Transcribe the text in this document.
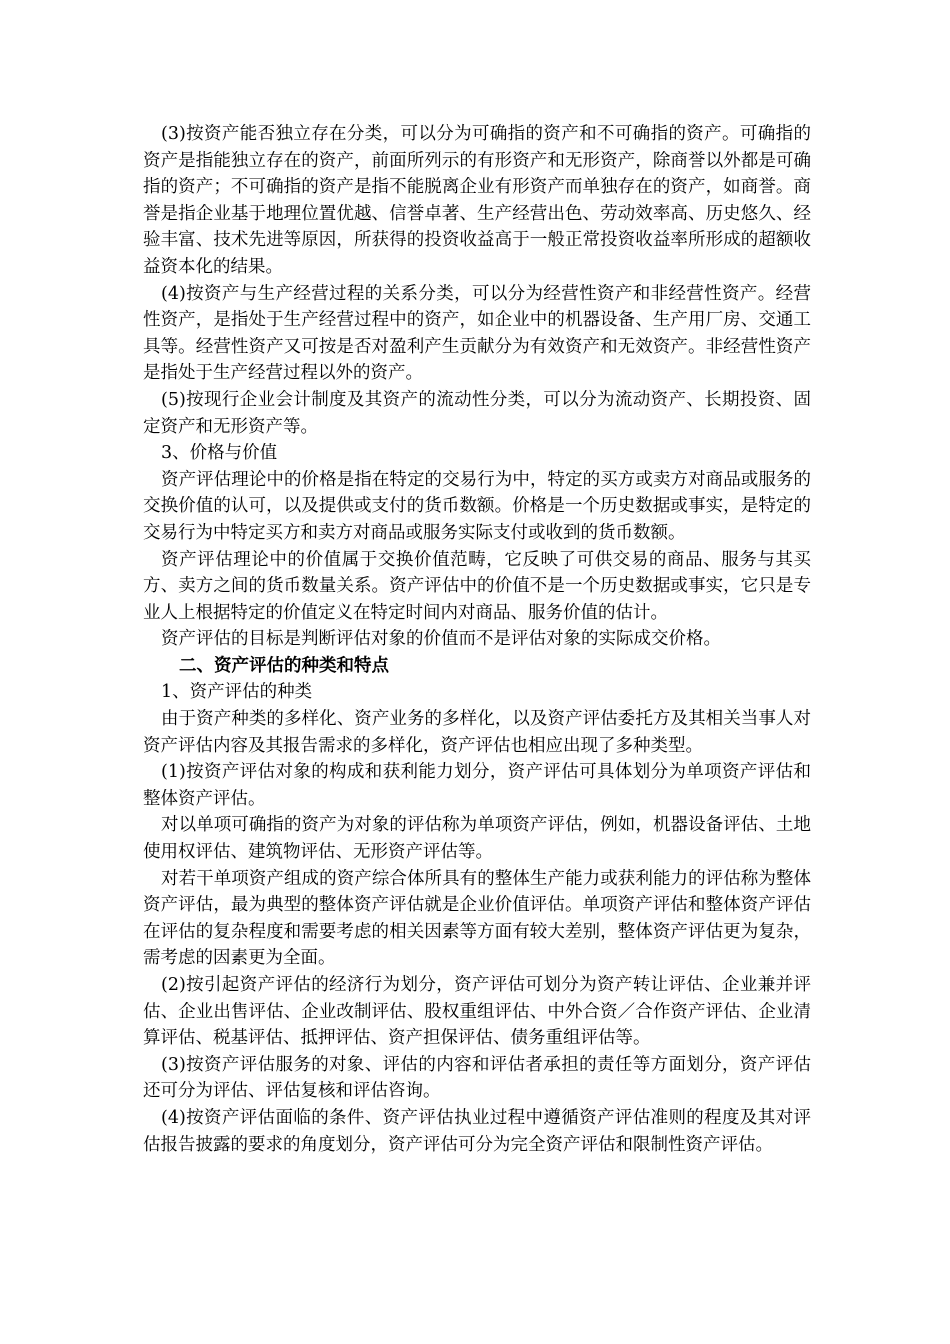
(3)按资产能否独立存在分类，可以分为可确指的资产和不可确指的资产。可确指的资产是指能独立存在的资产，前面所列示的有形资产和无形资产，除商誉以外都是可确指的资产；不可确指的资产是指不能脱离企业有形资产而单独存在的资产，如商誉。商誉是指企业基于地理位置优越、信誉卓著、生产经营出色、劳动效率高、历史悠久、经验丰富、技术先进等原因，所获得的投资收益高于一般正常投资收益率所形成的超额收益资本化的结果。

(4)按资产与生产经营过程的关系分类，可以分为经营性资产和非经营性资产。经营性资产，是指处于生产经营过程中的资产，如企业中的机器设备、生产用厂房、交通工具等。经营性资产又可按是否对盈利产生贡献分为有效资产和无效资产。非经营性资产是指处于生产经营过程以外的资产。

(5)按现行企业会计制度及其资产的流动性分类，可以分为流动资产、长期投资、固定资产和无形资产等。

3、价格与价值

资产评估理论中的价格是指在特定的交易行为中，特定的买方或卖方对商品或服务的交换价值的认可，以及提供或支付的货币数额。价格是一个历史数据或事实，是特定的交易行为中特定买方和卖方对商品或服务实际支付或收到的货币数额。

资产评估理论中的价值属于交换价值范畴，它反映了可供交易的商品、服务与其买方、卖方之间的货币数量关系。资产评估中的价值不是一个历史数据或事实，它只是专业人上根据特定的价值定义在特定时间内对商品、服务价值的估计。

资产评估的目标是判断评估对象的价值而不是评估对象的实际成交价格。

二、资产评估的种类和特点

1、资产评估的种类

由于资产种类的多样化、资产业务的多样化，以及资产评估委托方及其相关当事人对资产评估内容及其报告需求的多样化，资产评估也相应出现了多种类型。

(1)按资产评估对象的构成和获利能力划分，资产评估可具体划分为单项资产评估和整体资产评估。

对以单项可确指的资产为对象的评估称为单项资产评估，例如，机器设备评估、土地使用权评估、建筑物评估、无形资产评估等。

对若干单项资产组成的资产综合体所具有的整体生产能力或获利能力的评估称为整体资产评估，最为典型的整体资产评估就是企业价值评估。单项资产评估和整体资产评估在评估的复杂程度和需要考虑的相关因素等方面有较大差别，整体资产评估更为复杂，需考虑的因素更为全面。

(2)按引起资产评估的经济行为划分，资产评估可划分为资产转让评估、企业兼并评估、企业出售评估、企业改制评估、股权重组评估、中外合资／合作资产评估、企业清算评估、税基评估、抵押评估、资产担保评估、债务重组评估等。

(3)按资产评估服务的对象、评估的内容和评估者承担的责任等方面划分，资产评估还可分为评估、评估复核和评估咨询。

(4)按资产评估面临的条件、资产评估执业过程中遵循资产评估准则的程度及其对评估报告披露的要求的角度划分，资产评估可分为完全资产评估和限制性资产评估。
